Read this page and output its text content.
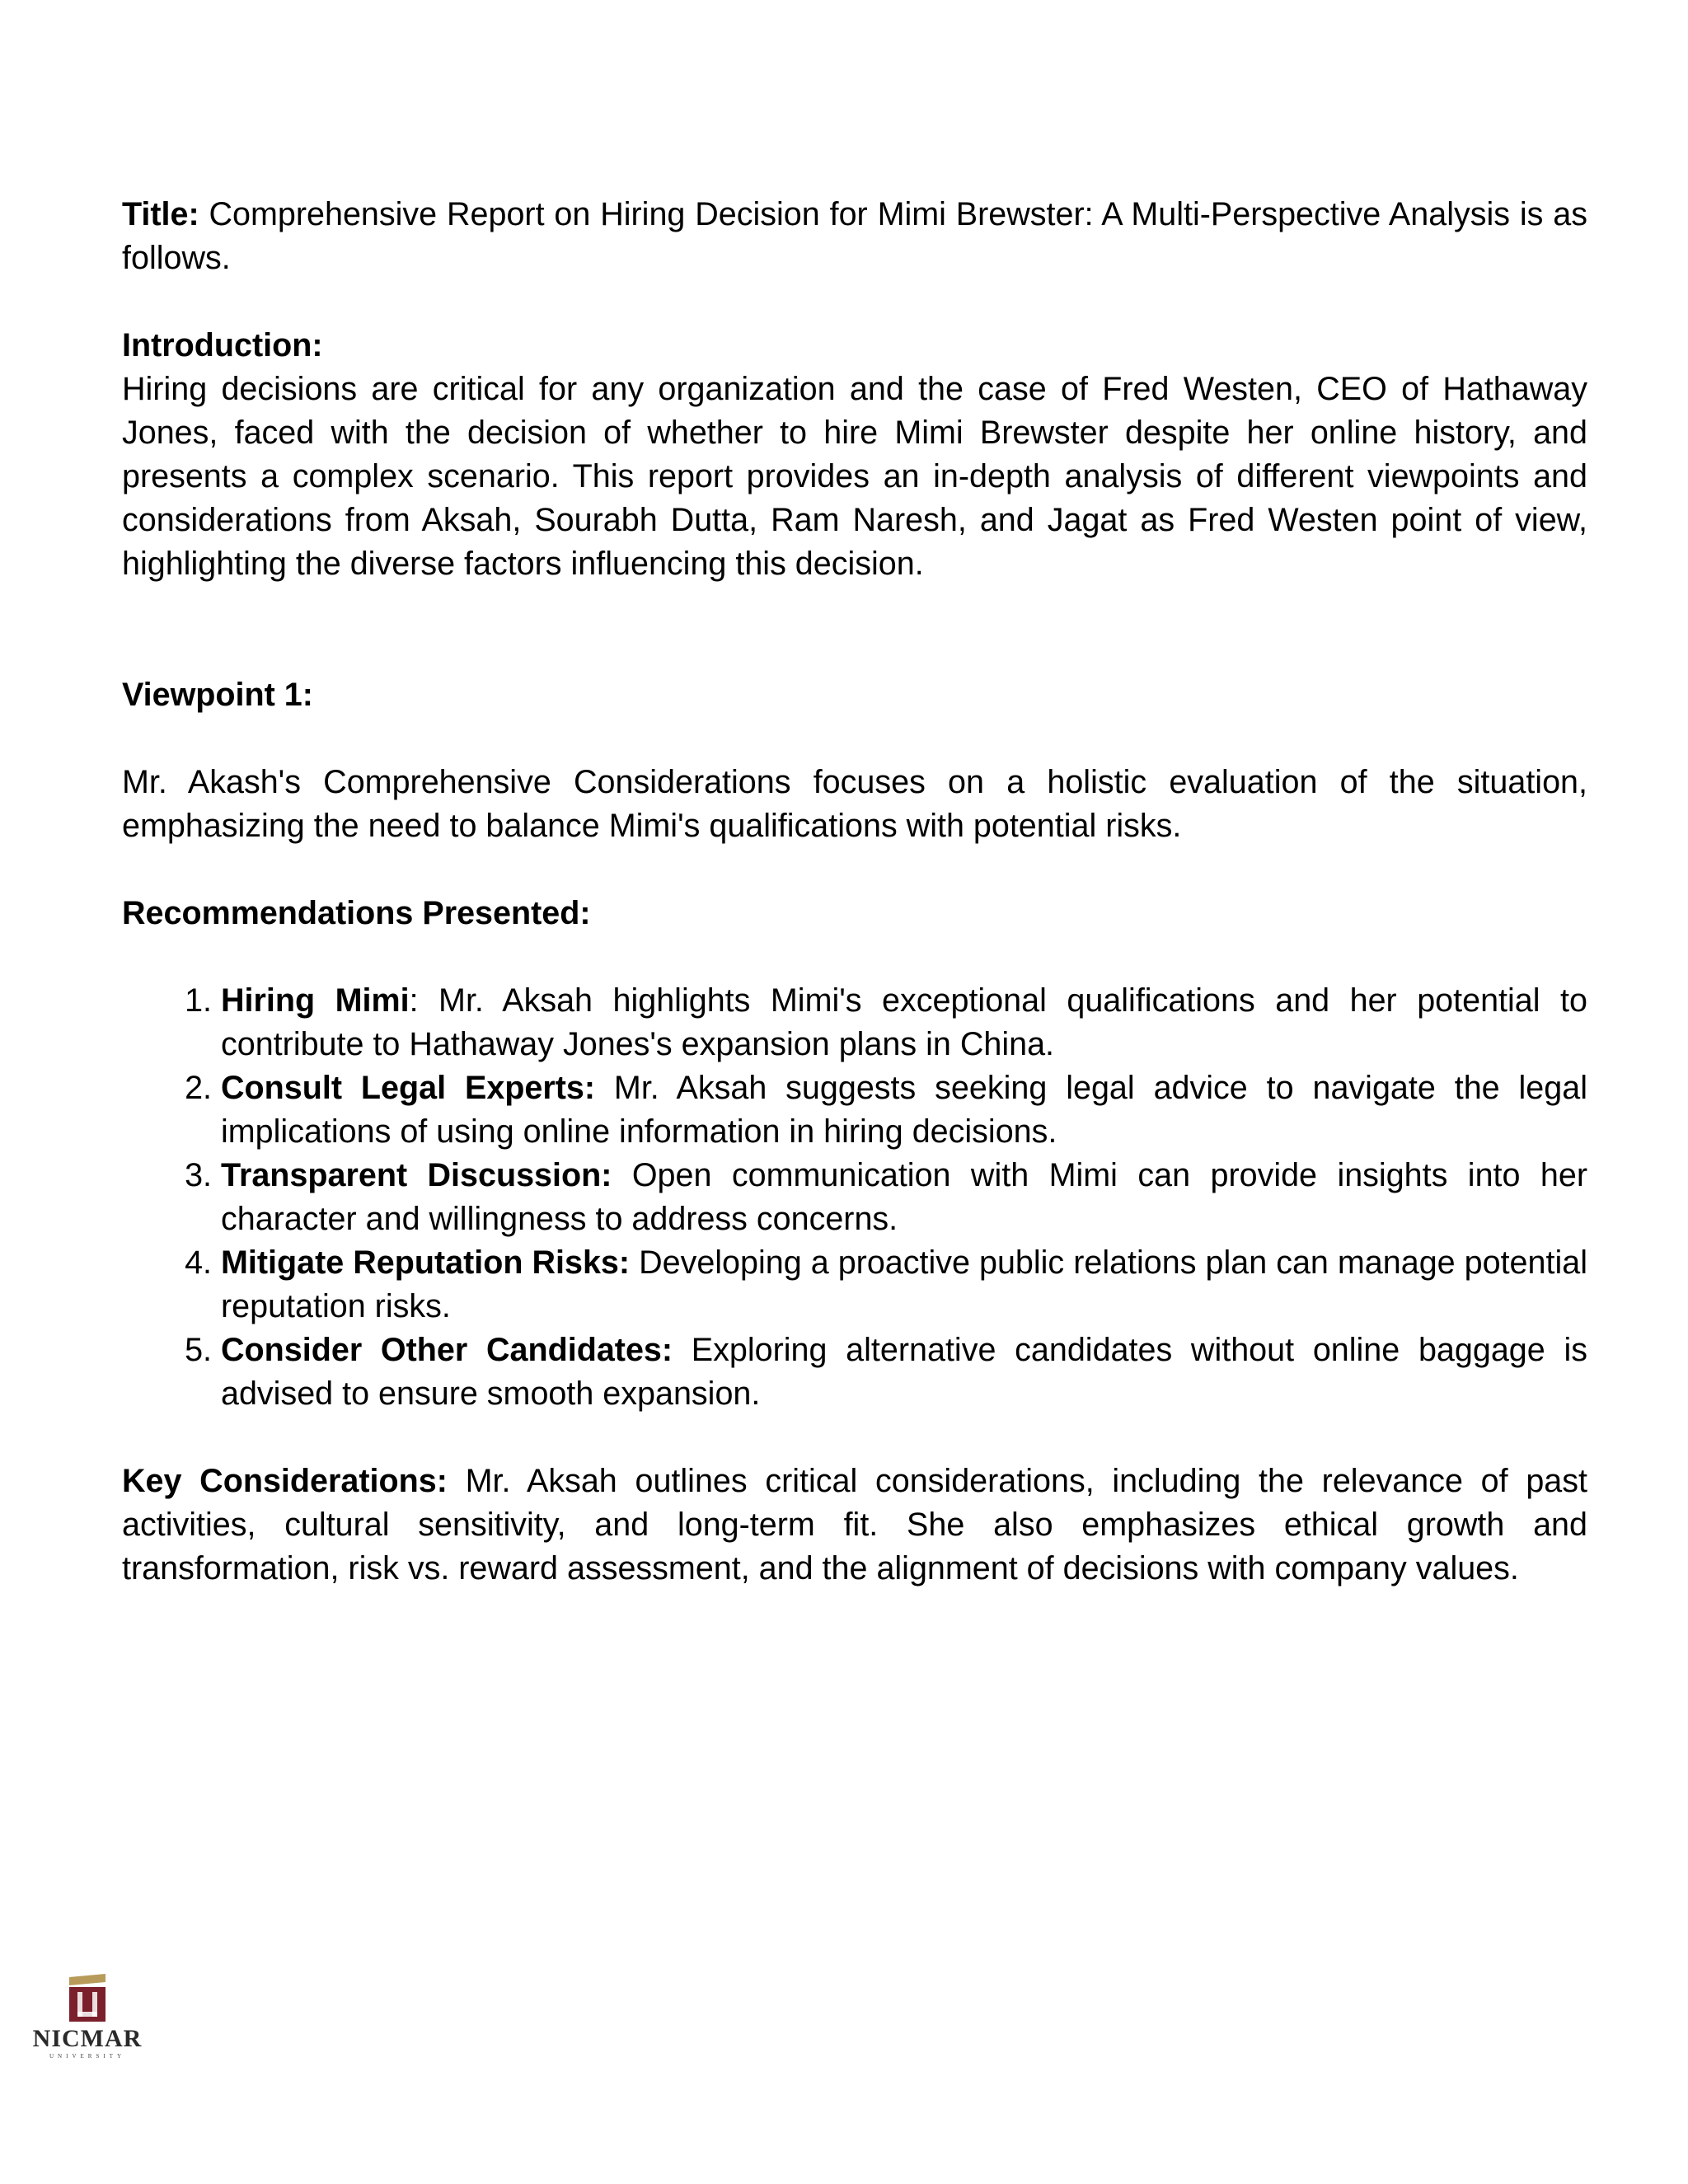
Title: Comprehensive Report on Hiring Decision for Mimi Brewster: A Multi-Perspective Analysis is as follows.

Introduction:

Hiring decisions are critical for any organization and the case of Fred Westen, CEO of Hathaway Jones, faced with the decision of whether to hire Mimi Brewster despite her online history, and presents a complex scenario. This report provides an in-depth analysis of different viewpoints and considerations from Aksah, Sourabh Dutta, Ram Naresh, and Jagat as Fred Westen point of view, highlighting the diverse factors influencing this decision.

Viewpoint 1:

Mr. Akash's Comprehensive Considerations focuses on a holistic evaluation of the situation, emphasizing the need to balance Mimi's qualifications with potential risks.

Recommendations Presented:

1. Hiring Mimi: Mr. Aksah highlights Mimi's exceptional qualifications and her potential to contribute to Hathaway Jones's expansion plans in China.
2. Consult Legal Experts: Mr. Aksah suggests seeking legal advice to navigate the legal implications of using online information in hiring decisions.
3. Transparent Discussion: Open communication with Mimi can provide insights into her character and willingness to address concerns.
4. Mitigate Reputation Risks: Developing a proactive public relations plan can manage potential reputation risks.
5. Consider Other Candidates: Exploring alternative candidates without online baggage is advised to ensure smooth expansion.

Key Considerations: Mr. Aksah outlines critical considerations, including the relevance of past activities, cultural sensitivity, and long-term fit. She also emphasizes ethical growth and transformation, risk vs. reward assessment, and the alignment of decisions with company values.

NICMAR
UNIVERSITY
